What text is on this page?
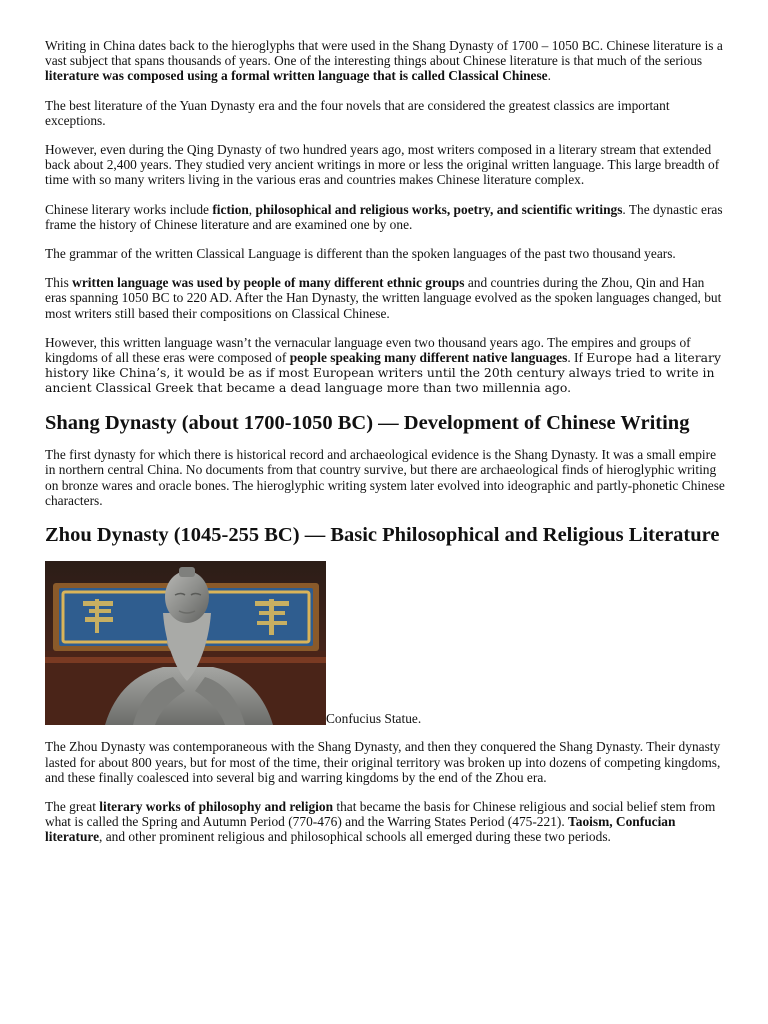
Writing in China dates back to the hieroglyphs that were used in the Shang Dynasty of 1700 – 1050 BC. Chinese literature is a vast subject that spans thousands of years. One of the interesting things about Chinese literature is that much of the serious literature was composed using a formal written language that is called Classical Chinese.

The best literature of the Yuan Dynasty era and the four novels that are considered the greatest classics are important exceptions.

However, even during the Qing Dynasty of two hundred years ago, most writers composed in a literary stream that extended back about 2,400 years. They studied very ancient writings in more or less the original written language. This large breadth of time with so many writers living in the various eras and countries makes Chinese literature complex.

Chinese literary works include fiction, philosophical and religious works, poetry, and scientific writings. The dynastic eras frame the history of Chinese literature and are examined one by one.

The grammar of the written Classical Language is different than the spoken languages of the past two thousand years.

This written language was used by people of many different ethnic groups and countries during the Zhou, Qin and Han eras spanning 1050 BC to 220 AD. After the Han Dynasty, the written language evolved as the spoken languages changed, but most writers still based their compositions on Classical Chinese.

However, this written language wasn’t the vernacular language even two thousand years ago. The empires and groups of kingdoms of all these eras were composed of people speaking many different native languages. If Europe had a literary history like China’s, it would be as if most European writers until the 20th century always tried to write in ancient Classical Greek that became a dead language more than two millennia ago.

Shang Dynasty (about 1700-1050 BC) — Development of Chinese Writing

The first dynasty for which there is historical record and archaeological evidence is the Shang Dynasty. It was a small empire in northern central China. No documents from that country survive, but there are archaeological finds of hieroglyphic writing on bronze wares and oracle bones. The hieroglyphic writing system later evolved into ideographic and partly-phonetic Chinese characters.

Zhou Dynasty (1045-255 BC) — Basic Philosophical and Religious Literature
Confucius Statue.

The Zhou Dynasty was contemporaneous with the Shang Dynasty, and then they conquered the Shang Dynasty. Their dynasty lasted for about 800 years, but for most of the time, their original territory was broken up into dozens of competing kingdoms, and these finally coalesced into several big and warring kingdoms by the end of the Zhou era.

The great literary works of philosophy and religion that became the basis for Chinese religious and social belief stem from what is called the Spring and Autumn Period (770-476) and the Warring States Period (475-221). Taoism, Confucian literature, and other prominent religious and philosophical schools all emerged during these two periods.
